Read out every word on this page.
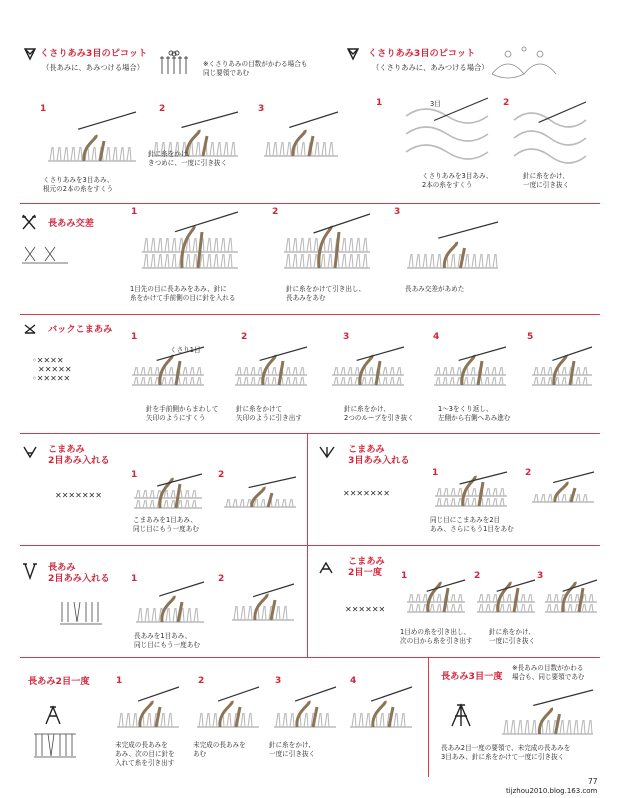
くさりあみ3目のピコット
（長あみに、あみつける場合）	※くさりあみの目数がかわる場合も
同じ要領であむ
1
くさりあみを3目あみ、
根元の2本の糸をすくう
2
針に糸をかけ、
きつめに、一度に引き抜く
3
くさりあみ3目のピコット
（くさりあみに、あみつける場合）
1	3目
くさりあみを3目あみ、
2本の糸をすくう
2
針に糸をかけ、
一度に引き抜く
長あみ交差
1
1目先の目に長あみをあみ、針に
糸をかけて手前側の目に針を入れる
2
針に糸をかけて引き出し、
長あみをあむ
3
長あみ交差があめた
バックこまあみ
◦✕✕✕✕
✕✕✕✕✕
◦✕✕✕✕✕
1
くさり1目
針を手前側からまわして
矢印のようにすくう
2
針に糸をかけて
矢印のように引き出す
3
針に糸をかけ、
2つのループを引き抜く
4
1〜3をくり返し、
左側から右側へあみ進む
5
こまあみ
2目あみ入れる
✕✕✕✕✕✕✕
1
こまあみを1目あみ、
同じ目にもう一度あむ
2
こまあみ
3目あみ入れる
✕✕✕✕✕✕✕
1
同じ目にこまあみを2目
あみ、さらにもう1目をあむ
2
長あみ
2目あみ入れる 1
長あみを1目あみ、
同じ目にもう一度あむ
2
こまあみ
2目一度
✕✕✕✕✕✕
1
1目めの糸を引き出し、
次の目から糸を引き出す
2
針に糸をかけ、
一度に引き抜く
3
長あみ2目一度	1
未完成の長あみを
あみ、次の目に針を
入れて糸を引き出す
2
未完成の長あみを
あむ
3
針に糸をかけ、
一度に引き抜く
4	長あみ3目一度
※長あみの目数がかわる
場合も、同じ要領であむ
長あみ2目一度の要領で、未完成の長あみを
3目あみ、針に糸をかけて一度に引き抜く
77
tijzhou2010.blog.163.com
